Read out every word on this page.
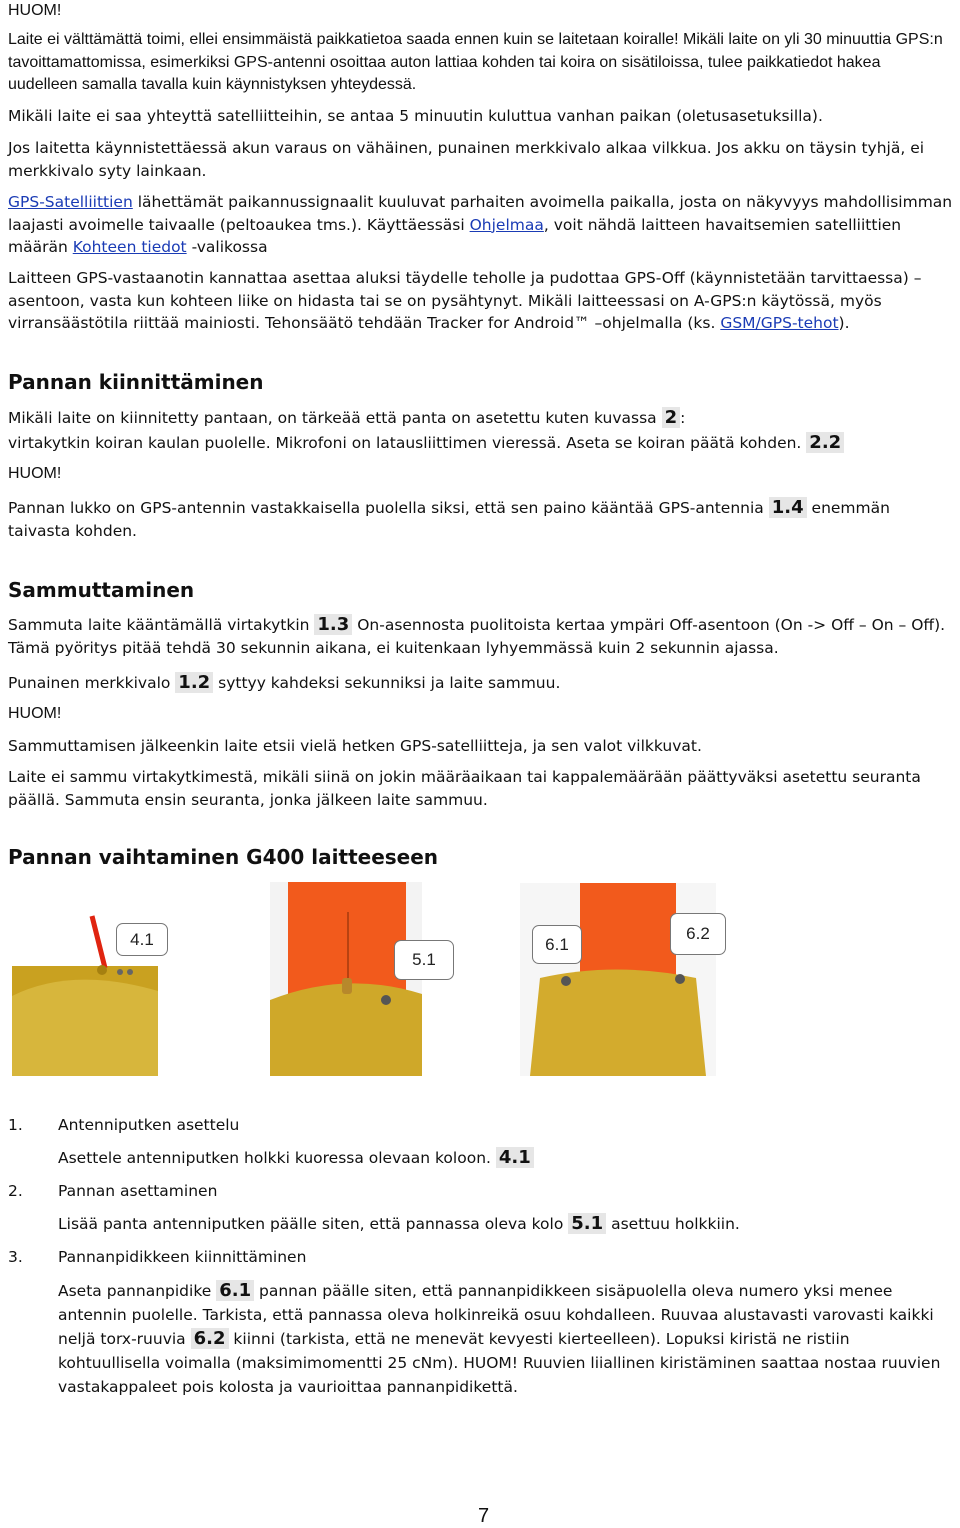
HUOM!

Laite ei välttämättä toimi, ellei ensimmäistä paikkatietoa saada ennen kuin se laitetaan koiralle! Mikäli laite on yli 30 minuuttia GPS:n tavoittamattomissa, esimerkiksi GPS-antenni osoittaa auton lattiaa kohden tai koira on sisätiloissa, tulee paikkatiedot hakea uudelleen samalla tavalla kuin käynnistyksen yhteydessä.

Mikäli laite ei saa yhteyttä satelliitteihin, se antaa 5 minuutin kuluttua vanhan paikan (oletusasetuksilla).

Jos laitetta käynnistettäessä akun varaus on vähäinen, punainen merkkivalo alkaa vilkkua. Jos akku on täysin tyhjä, ei merkkivalo syty lainkaan.

GPS-Satelliittien lähettämät paikannussignaalit kuuluvat parhaiten avoimella paikalla, josta on näkyvyys mahdollisimman laajasti avoimelle taivaalle (peltoaukea tms.). Käyttäessäsi Ohjelmaa, voit nähdä laitteen havaitsemien satelliittien määrän Kohteen tiedot -valikossa

Laitteen GPS-vastaanotin kannattaa asettaa aluksi täydelle teholle ja pudottaa GPS-Off (käynnistetään tarvittaessa) – asentoon, vasta kun kohteen liike on hidasta tai se on pysähtynyt. Mikäli laitteessasi on A-GPS:n käytössä, myös virransäästötila riittää mainiosti. Tehonsäätö tehdään Tracker for Android™ –ohjelmalla (ks. GSM/GPS-tehot).

Pannan kiinnittäminen

Mikäli laite on kiinnitetty pantaan, on tärkeää että panta on asetettu kuten kuvassa 2 :

virtakytkin koiran kaulan puolelle. Mikrofoni on latausliittimen vieressä. Aseta se koiran päätä kohden. 2.2

HUOM!

Pannan lukko on GPS-antennin vastakkaisella puolella siksi, että sen paino kääntää GPS-antennia 1.4 enemmän taivasta kohden.

Sammuttaminen

Sammuta laite kääntämällä virtakytkin 1.3 On-asennosta puolitoista kertaa ympäri Off-asentoon (On -> Off – On – Off). Tämä pyöritys pitää tehdä 30 sekunnin aikana, ei kuitenkaan lyhyemmässä kuin 2 sekunnin ajassa.

Punainen merkkivalo 1.2 syttyy kahdeksi sekunniksi ja laite sammuu.

HUOM!

Sammuttamisen jälkeenkin laite etsii vielä hetken GPS-satelliitteja, ja sen valot vilkkuvat.

Laite ei sammu virtakytkimestä, mikäli siinä on jokin määräaikaan tai kappalemäärään päättyväksi asetettu seuranta päällä. Sammuta ensin seuranta, jonka jälkeen laite sammuu.

Pannan vaihtaminen G400 laitteeseen
4.1
5.1
6.1
6.2

1. Antenniputken asettelu

Asettele antenniputken holkki kuoressa olevaan koloon. 4.1

2. Pannan asettaminen

Lisää panta antenniputken päälle siten, että pannassa oleva kolo 5.1 asettuu holkkiin.

3. Pannanpidikkeen kiinnittäminen

Aseta pannanpidike 6.1 pannan päälle siten, että pannanpidikkeen sisäpuolella oleva numero yksi menee antennin puolelle. Tarkista, että pannassa oleva holkinreikä osuu kohdalleen. Ruuvaa alustavasti varovasti kaikki neljä torx-ruuvia 6.2 kiinni (tarkista, että ne menevät kevyesti kierteelleen). Lopuksi kiristä ne ristiin kohtuullisella voimalla (maksimimomentti 25 cNm). HUOM! Ruuvien liiallinen kiristäminen saattaa nostaa ruuvien vastakappaleet pois kolosta ja vaurioittaa pannanpidikettä.

7
